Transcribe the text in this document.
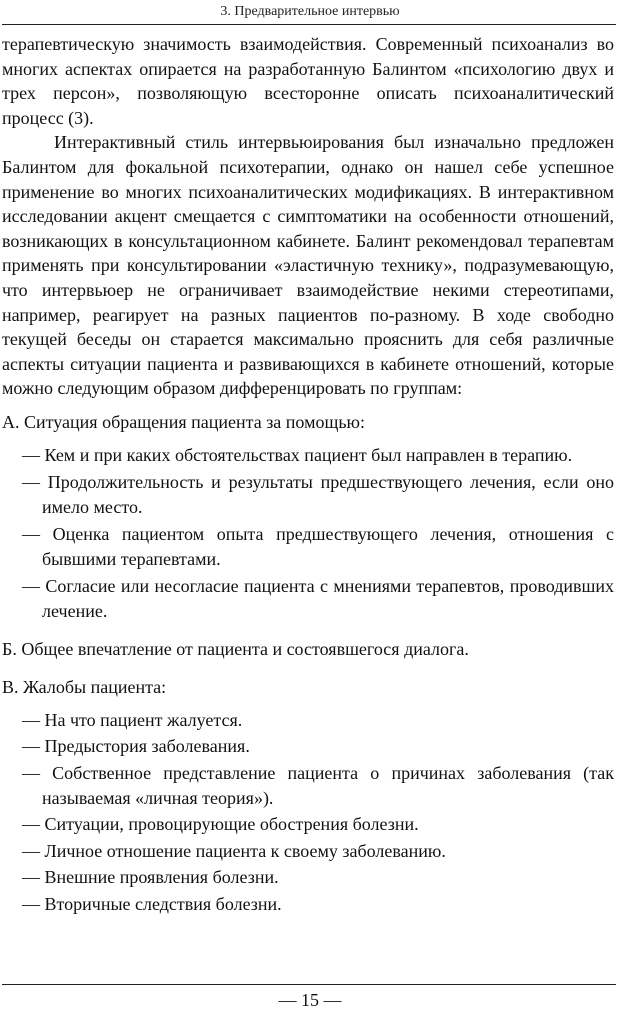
3. Предварительное интервью

терапевтическую значимость взаимодействия. Современный психоанализ во многих аспектах опирается на разработанную Балинтом «психологию двух и трех персон», позволяющую всесторонне описать психоаналитический процесс (3).

Интерактивный стиль интервьюирования был изначально предложен Балинтом для фокальной психотерапии, однако он нашел себе успешное применение во многих психоаналитических модификациях. В интерактивном исследовании акцент смещается с симптоматики на особенности отношений, возникающих в консультационном кабинете. Балинт рекомендовал терапевтам применять при консультировании «эластичную технику», подразумевающую, что интервьюер не ограничивает взаимодействие некими стереотипами, например, реагирует на разных пациентов по-разному. В ходе свободно текущей беседы он старается максимально прояснить для себя различные аспекты ситуации пациента и развивающихся в кабинете отношений, которые можно следующим образом дифференцировать по группам:

А. Ситуация обращения пациента за помощью:

— Кем и при каких обстоятельствах пациент был направлен в терапию.
— Продолжительность и результаты предшествующего лечения, если оно имело место.
— Оценка пациентом опыта предшествующего лечения, отношения с бывшими терапевтами.
— Согласие или несогласие пациента с мнениями терапевтов, проводивших лечение.

Б. Общее впечатление от пациента и состоявшегося диалога.

В. Жалобы пациента:

— На что пациент жалуется.
— Предыстория заболевания.
— Собственное представление пациента о причинах заболевания (так называемая «личная теория»).
— Ситуации, провоцирующие обострения болезни.
— Личное отношение пациента к своему заболеванию.
— Внешние проявления болезни.
— Вторичные следствия болезни.
— 15 —
